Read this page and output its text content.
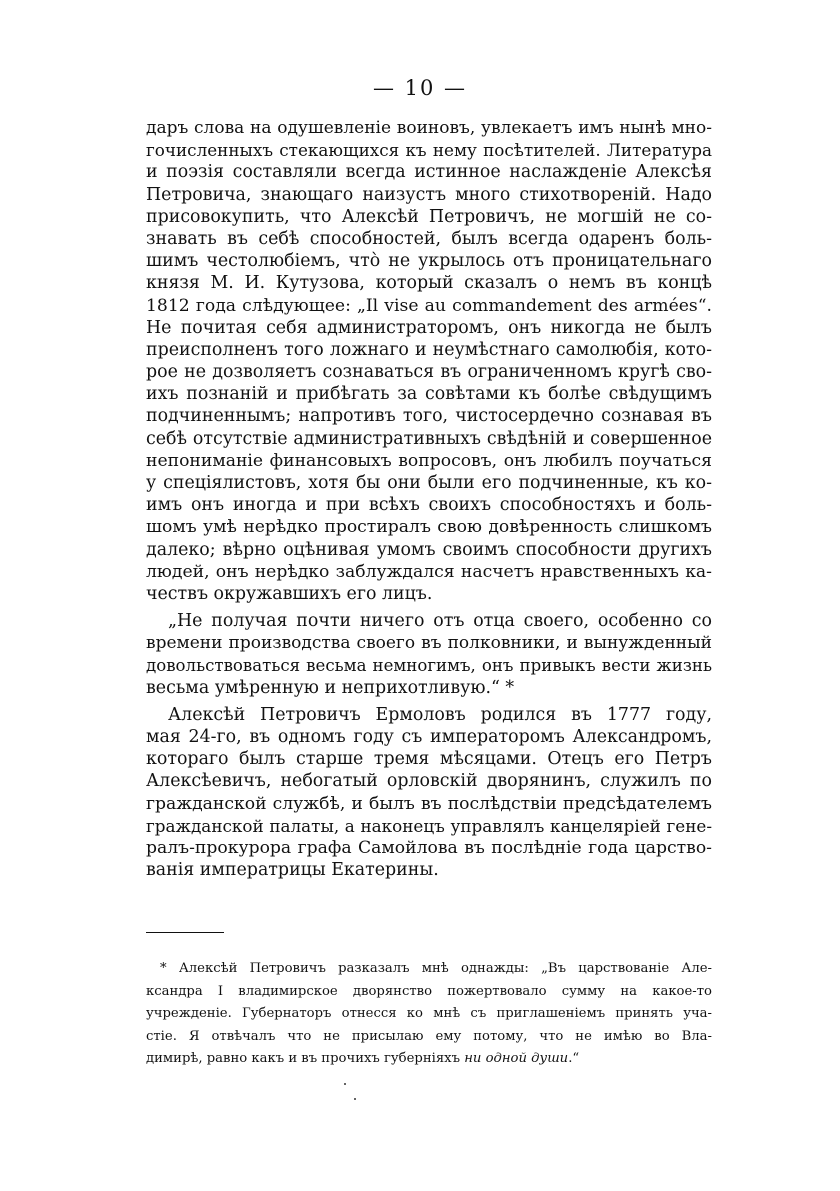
— 10 —
даръ слова на одушевленіе воиновъ, увлекаетъ имъ нынѣ мно-
гочисленныхъ стекающихся къ нему посѣтителей. Литература
и поэзія составляли всегда истинное наслажденіе Алексѣя
Петровича, знающаго наизустъ много стихотвореній. Надо
присовокупить, что Алексѣй Петровичъ, не могшій не со-
знавать въ себѣ способностей, былъ всегда одаренъ боль-
шимъ честолюбіемъ, что̀ не укрылось отъ проницательнаго
князя М. И. Кутузова, который сказалъ о немъ въ концѣ
1812 года слѣдующее: „Il vise au commandement des armées“.
Не почитая себя администраторомъ, онъ никогда не былъ
преисполненъ того ложнаго и неумѣстнаго самолюбія, кото-
рое не дозволяетъ сознаваться въ ограниченномъ кругѣ сво-
ихъ познаній и прибѣгать за совѣтами къ болѣе свѣдущимъ
подчиненнымъ; напротивъ того, чистосердечно сознавая въ
себѣ отсутствіе административныхъ свѣдѣній и совершенное
непониманіе финансовыхъ вопросовъ, онъ любилъ поучаться
у спеціялистовъ, хотя бы они были его подчиненные, къ ко-
имъ онъ иногда и при всѣхъ своихъ способностяхъ и боль-
шомъ умѣ нерѣдко простиралъ свою довѣренность слишкомъ
далеко; вѣрно оцѣнивая умомъ своимъ способности другихъ
людей, онъ нерѣдко заблуждался насчетъ нравственныхъ ка-
чествъ окружавшихъ его лицъ.
„Не получая почти ничего отъ отца своего, особенно со
времени производства своего въ полковники, и вынужденный
довольствоваться весьма немногимъ, онъ привыкъ вести жизнь
весьма умѣренную и неприхотливую.“ *
Алексѣй Петровичъ Ермоловъ родился въ 1777 году,
мая 24-го, въ одномъ году съ императоромъ Александромъ,
котораго былъ старше тремя мѣсяцами. Отецъ его Петръ
Алексѣевичъ, небогатый орловскій дворянинъ, служилъ по
гражданской службѣ, и былъ въ послѣдствіи предсѣдателемъ
гражданской палаты, а наконецъ управлялъ канцеляріей гене-
ралъ-прокурора графа Самойлова въ послѣдніе года царство-
ванія императрицы Екатерины.
* Алексѣй Петровичъ разказалъ мнѣ однажды: „Въ царствованіе Але-
ксандра I владимирское дворянство пожертвовало сумму на какое-то
учрежденіе. Губернаторъ отнесся ко мнѣ съ приглашеніемъ принять уча-
стіе. Я отвѣчалъ что не присылаю ему потому, что не имѣю во Вла-
димирѣ, равно какъ и въ прочихъ губерніяхъ ни одной души.“
